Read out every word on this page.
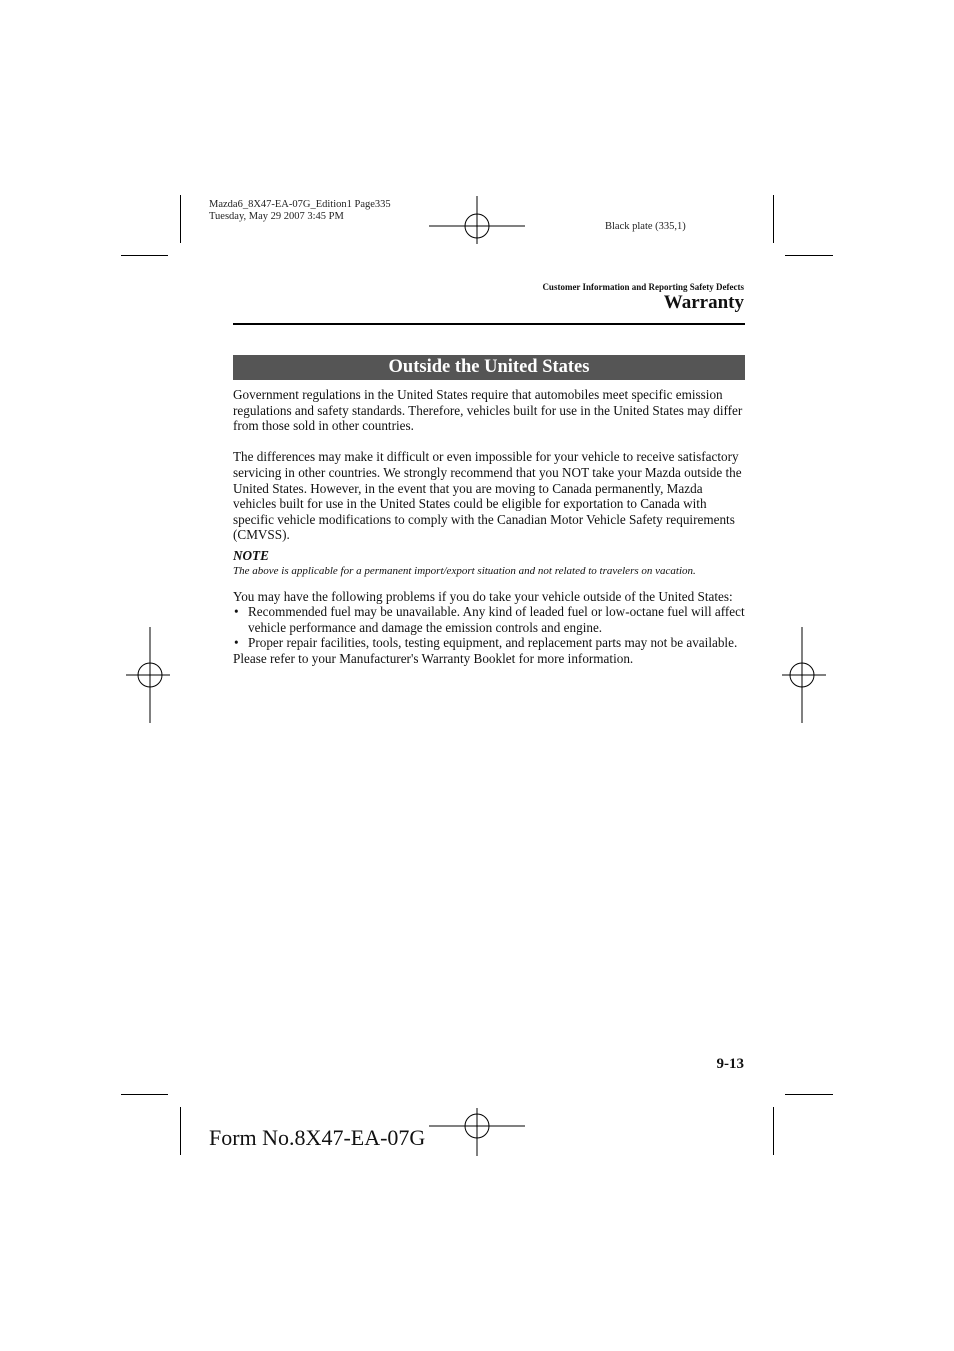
Mazda6_8X47-EA-07G_Edition1 Page335
Tuesday, May 29 2007 3:45 PM
Black plate (335,1)
Customer Information and Reporting Safety Defects
Warranty
Outside the United States

Government regulations in the United States require that automobiles meet specific emission regulations and safety standards. Therefore, vehicles built for use in the United States may differ from those sold in other countries.

The differences may make it difficult or even impossible for your vehicle to receive satisfactory servicing in other countries. We strongly recommend that you NOT take your Mazda outside the United States. However, in the event that you are moving to Canada permanently, Mazda vehicles built for use in the United States could be eligible for exportation to Canada with specific vehicle modifications to comply with the Canadian Motor Vehicle Safety requirements (CMVSS).

NOTE

The above is applicable for a permanent import/export situation and not related to travelers on vacation.

You may have the following problems if you do take your vehicle outside of the United States:

• Recommended fuel may be unavailable. Any kind of leaded fuel or low-octane fuel will affect vehicle performance and damage the emission controls and engine.
• Proper repair facilities, tools, testing equipment, and replacement parts may not be available.

Please refer to your Manufacturer's Warranty Booklet for more information.

9-13
Form No.8X47-EA-07G
